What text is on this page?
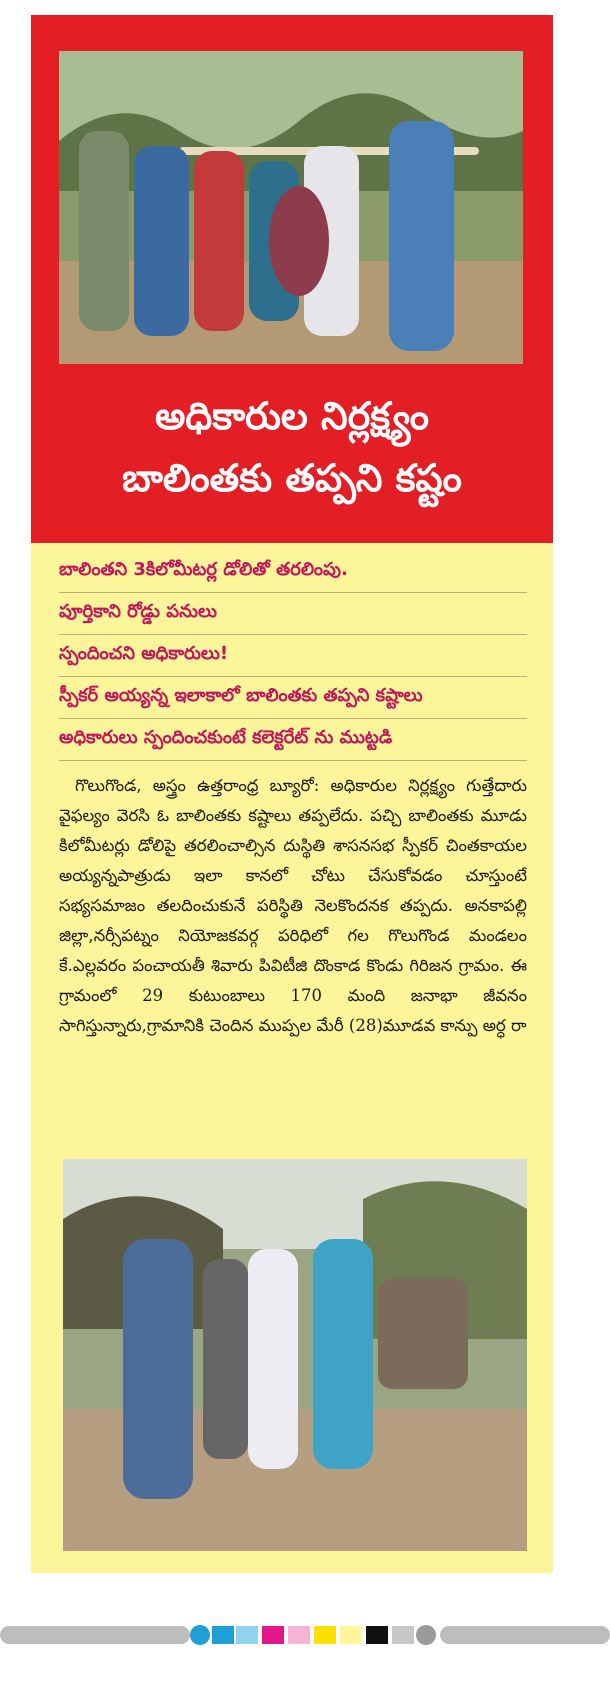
అధికారుల నిర్లక్ష్యం
బాలింతకు తప్పని కష్టం
బాలింతని 3కిలోమీటర్ల డోలితో తరలింపు.
పూర్తికాని రోడ్డు పనులు
స్పందించని అధికారులు!
స్పీకర్ అయ్యన్న ఇలాకాలో బాలింతకు తప్పని కష్టాలు
అధికారులు స్పందించకుంటే కలెక్టరేట్ ను ముట్టడి
గొలుగొండ, అస్త్రం ఉత్తరాంధ్ర బ్యూరో: అధికారుల నిర్లక్ష్యం గుత్తేదారు వైఫల్యం వెరసి ఓ బాలింతకు కష్టాలు తప్పలేదు. పచ్చి బాలింతకు మూడు కిలోమీటర్లు డోలిపై తరలించాల్సిన దుస్థితి శాసనసభ స్పీకర్ చింతకాయల అయ్యన్నపాత్రుడు ఇలా కానలో చోటు చేసుకోవడం చూస్తుంటే సభ్యసమాజం తలదించుకునే పరిస్థితి నెలకొందనక తప్పదు. అనకాపల్లి జిల్లా,నర్సీపట్నం నియోజకవర్గ పరిధిలో గల గొలుగొండ మండలం కే.ఎల్లవరం పంచాయతీ శివారు పివిటీజి దొంకాడ కొండు గిరిజన గ్రామం. ఈ గ్రామంలో 29 కుటుంబాలు 170 మంది జనాభా జీవనం సాగిస్తున్నారు,గ్రామానికి చెందిన ముప్పల మేరీ (28)మూడవ కాన్పు అర్ధ రా
